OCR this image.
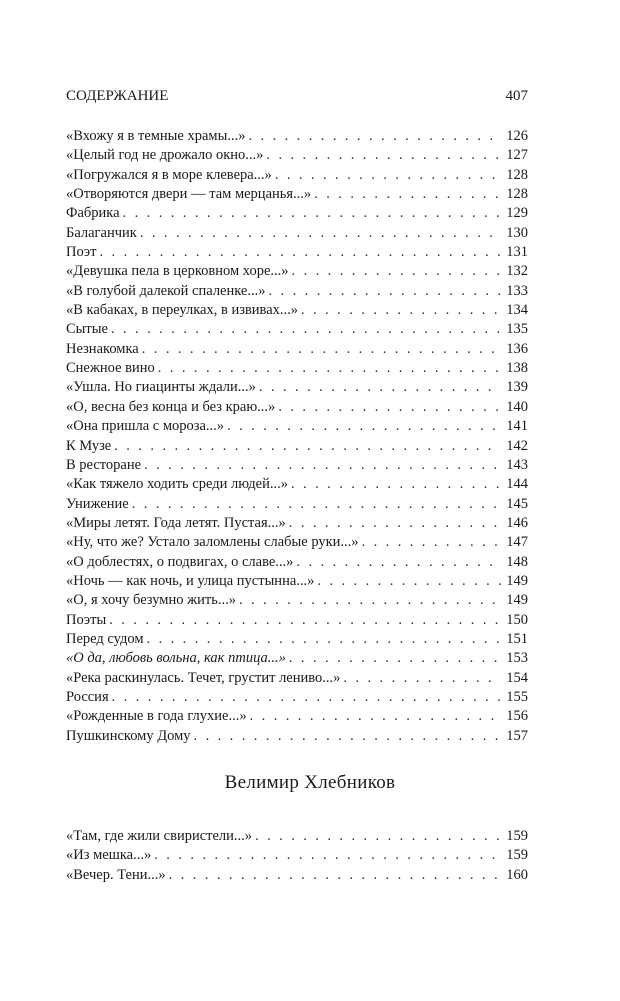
СОДЕРЖАНИЕ	407
«Вхожу я в темные храмы...» . . .	126
«Целый год не дрожало окно...» . . .	127
«Погружался я в море клевера...» . . .	128
«Отворяются двери — там мерцанья...» . . .	128
Фабрика . . .	129
Балаганчик . . .	130
Поэт . . .	131
«Девушка пела в церковном хоре...» . . .	132
«В голубой далекой спаленке...» . . .	133
«В кабаках, в переулках, в извивах...» . . .	134
Сытые . . .	135
Незнакомка . . .	136
Снежное вино . . .	138
«Ушла. Но гиацинты ждали...» . . .	139
«О, весна без конца и без краю...» . . .	140
«Она пришла с мороза...» . . .	141
К Музе . . .	142
В ресторане . . .	143
«Как тяжело ходить среди людей...» . . .	144
Унижение . . .	145
«Миры летят. Года летят. Пустая...» . . .	146
«Ну, что же? Устало заломлены слабые руки...» . . .	147
«О доблестях, о подвигах, о славе...» . . .	148
«Ночь — как ночь, и улица пустынна...» . . .	149
«О, я хочу безумно жить...» . . .	149
Поэты . . .	150
Перед судом . . .	151
«О да, любовь вольна, как птица...» . . .	153
«Река раскинулась. Течет, грустит лениво...» . . .	154
Россия . . .	155
«Рожденные в года глухие...» . . .	156
Пушкинскому Дому . . .	157
Велимир Хлебников
«Там, где жили свиристели...» . . .	159
«Из мешка...» . . .	159
«Вечер. Тени...» . . .	160
